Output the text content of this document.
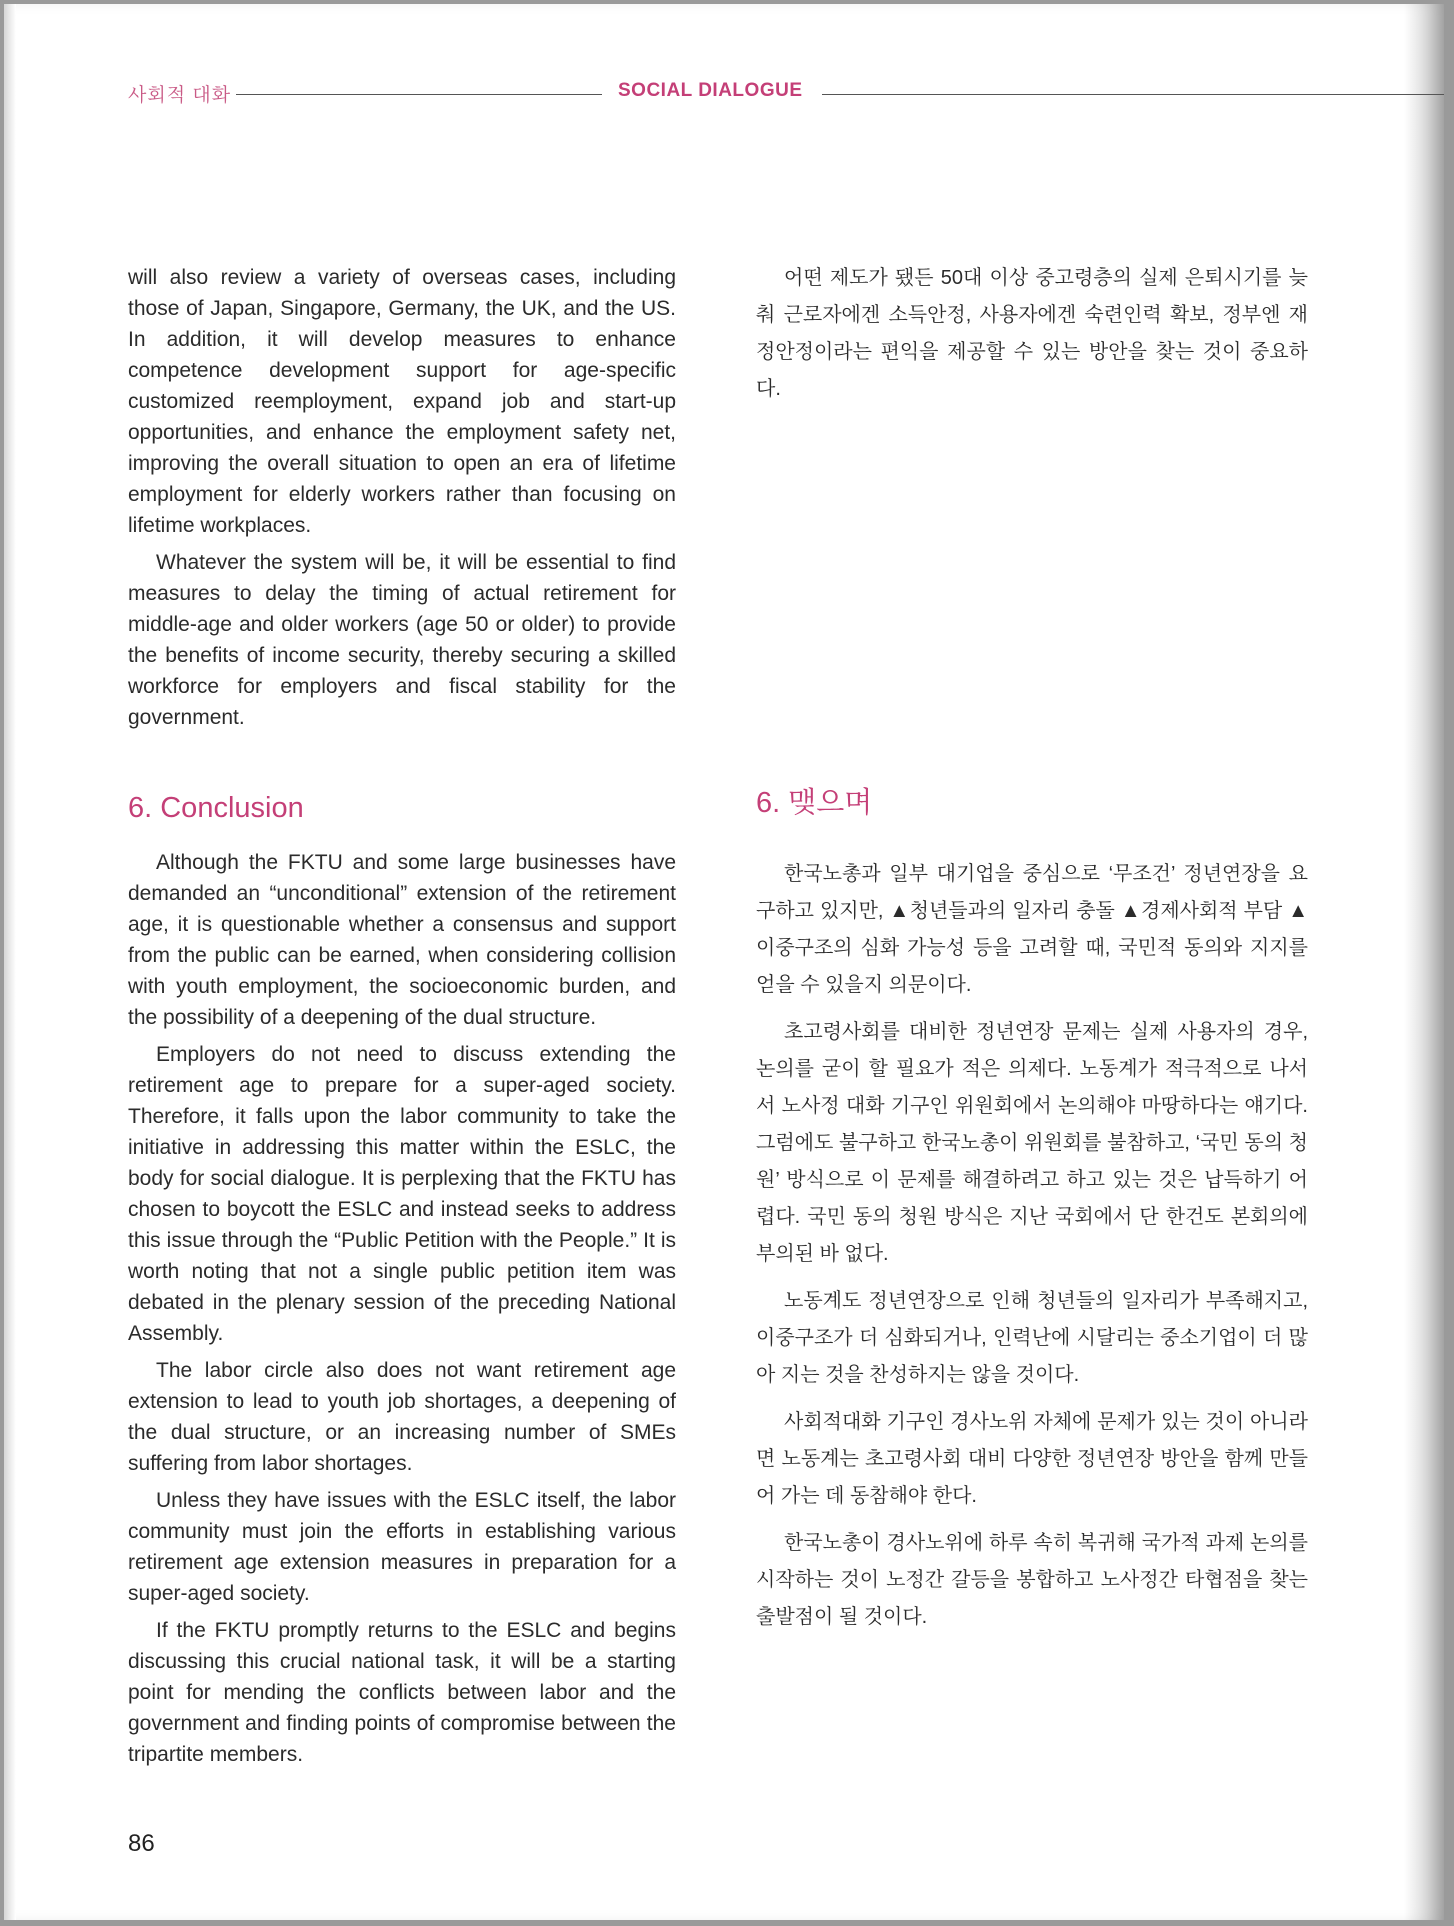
사회적 대화	SOCIAL DIALOGUE

will also review a variety of overseas cases, including those of Japan, Singapore, Germany, the UK, and the US. In addition, it will develop measures to enhance competence development support for age-specific customized reemployment, expand job and start-up opportunities, and enhance the employment safety net, improving the overall situation to open an era of lifetime employment for elderly workers rather than focusing on lifetime workplaces.

Whatever the system will be, it will be essential to find measures to delay the timing of actual retirement for middle-age and older workers (age 50 or older) to provide the benefits of income security, thereby securing a skilled workforce for employers and fiscal stability for the government.

6. Conclusion

Although the FKTU and some large businesses have demanded an “unconditional” extension of the retirement age, it is questionable whether a consensus and support from the public can be earned, when considering collision with youth employment, the socioeconomic burden, and the possibility of a deepening of the dual structure.

Employers do not need to discuss extending the retirement age to prepare for a super-aged society. Therefore, it falls upon the labor community to take the initiative in addressing this matter within the ESLC, the body for social dialogue. It is perplexing that the FKTU has chosen to boycott the ESLC and instead seeks to address this issue through the “Public Petition with the People.” It is worth noting that not a single public petition item was debated in the plenary session of the preceding National Assembly.

The labor circle also does not want retirement age extension to lead to youth job shortages, a deepening of the dual structure, or an increasing number of SMEs suffering from labor shortages.

Unless they have issues with the ESLC itself, the labor community must join the efforts in establishing various retirement age extension measures in preparation for a super-aged society.

If the FKTU promptly returns to the ESLC and begins discussing this crucial national task, it will be a starting point for mending the conflicts between labor and the government and finding points of compromise between the tripartite members.

어떤 제도가 됐든 50대 이상 중고령층의 실제 은퇴시기를 늦춰 근로자에겐 소득안정, 사용자에겐 숙련인력 확보, 정부엔 재정안정이라는 편익을 제공할 수 있는 방안을 찾는 것이 중요하다.

6. 맺으며

한국노총과 일부 대기업을 중심으로 ‘무조건’ 정년연장을 요구하고 있지만, ▲청년들과의 일자리 충돌 ▲경제사회적 부담 ▲이중구조의 심화 가능성 등을 고려할 때, 국민적 동의와 지지를 얻을 수 있을지 의문이다.

초고령사회를 대비한 정년연장 문제는 실제 사용자의 경우, 논의를 굳이 할 필요가 적은 의제다. 노동계가 적극적으로 나서서 노사정 대화 기구인 위원회에서 논의해야 마땅하다는 얘기다. 그럼에도 불구하고 한국노총이 위원회를 불참하고, ‘국민 동의 청원’ 방식으로 이 문제를 해결하려고 하고 있는 것은 납득하기 어렵다. 국민 동의 청원 방식은 지난 국회에서 단 한건도 본회의에 부의된 바 없다.

노동계도 정년연장으로 인해 청년들의 일자리가 부족해지고, 이중구조가 더 심화되거나, 인력난에 시달리는 중소기업이 더 많아 지는 것을 찬성하지는 않을 것이다.

사회적대화 기구인 경사노위 자체에 문제가 있는 것이 아니라면 노동계는 초고령사회 대비 다양한 정년연장 방안을 함께 만들어 가는 데 동참해야 한다.

한국노총이 경사노위에 하루 속히 복귀해 국가적 과제 논의를 시작하는 것이 노정간 갈등을 봉합하고 노사정간 타협점을 찾는 출발점이 될 것이다.

86
